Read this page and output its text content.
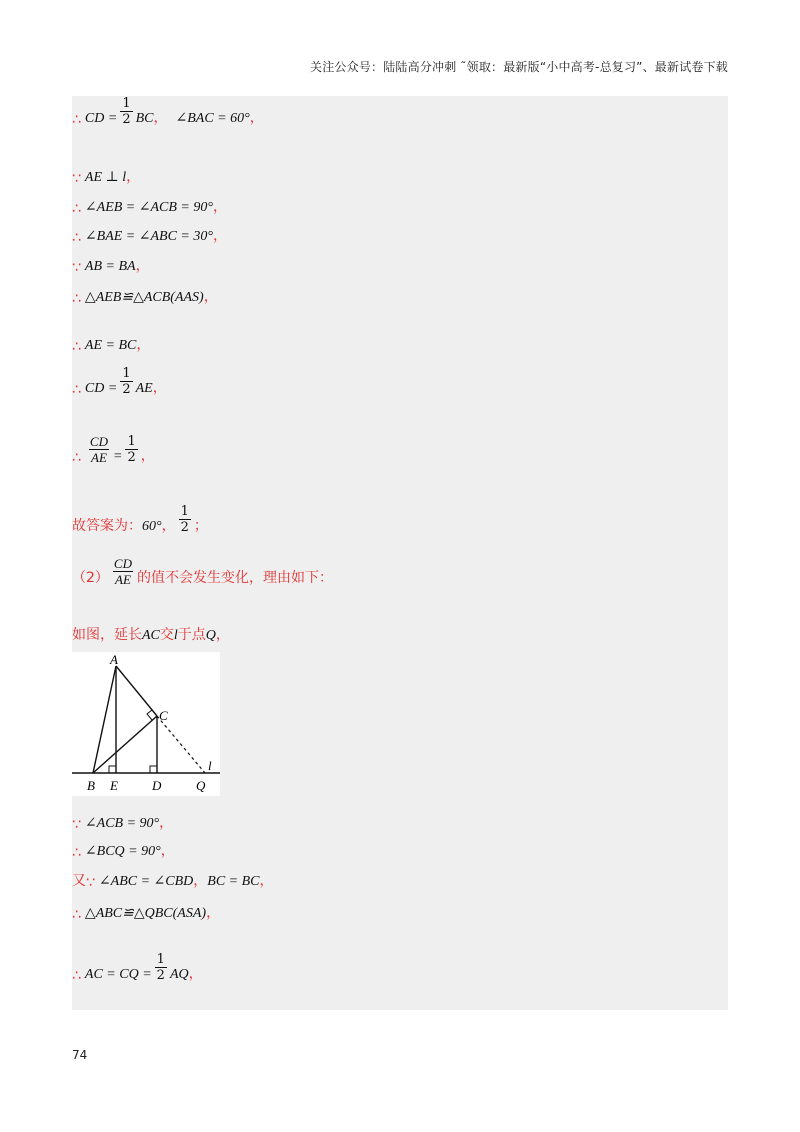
关注公众号：陆陆高分冲刺 ˜领取：最新版“小中高考-总复习”、最新试卷下载
∴ CD = $\frac{1}{2}$ BC ， ∠BAC = 60° ，
∵ AE ⊥ l ，
∴ ∠AEB = ∠ACB = 90° ，
∴ ∠BAE = ∠ABC = 30° ，
∵ AB = BA ，
∴ △AEB≌△ACB(AAS) ，
∴ AE = BC ，
∴ CD = $\frac{1}{2}$ AE ，
∴ $\frac{CD}{AE} = \frac{1}{2}$ ，
故答案为： 60° ， $\frac{1}{2}$ ；
$(2) \frac{CD}{AE}$ 的值不会发生变化，理由如下：
如图，延长 AC 交 l 于点 Q ，
A
B
C
D
E	Q
l
∵ ∠ACB = 90° ，
∴ ∠BCQ = 90° ，
又 ∵ ∠ABC = ∠CBD ， BC = BC ，
∴ △ABC≌△QBC(ASA) ，
∴ AC = CQ = $\frac{1}{2}$ AQ ，
74
